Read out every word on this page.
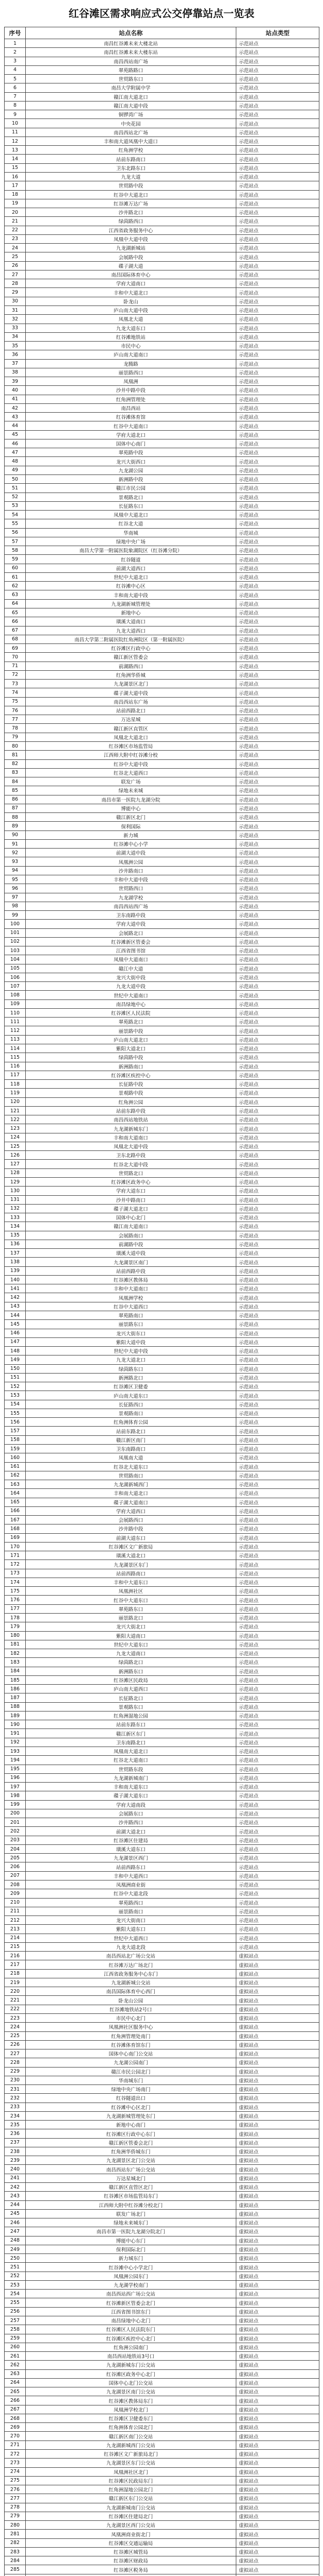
红谷滩区需求响应式公交停靠站点一览表
序号	站点名称	站点类型
1	南昌红谷滩未来大楼北站	示范站点
2	南昌红谷滩未来大楼东站	示范站点
3	南昌西站南广场	示范站点
4	翠苑路路口	示范站点
5	世贸路东口	示范站点
6	南昌大学附属中学	示范站点
7	赣江南大道北口	示范站点
8	赣江南大道中段	示范站点
9	铜锣湾广场	示范站点
10	中央花园	示范站点
11	南昌西站北广场	示范站点
12	丰和南大道凤凰中大道口	示范站点
13	红角洲学校	示范站点
14	站前东路南口	示范站点
15	卫东北路东口	示范站点
16	九龙大道	示范站点
17	世贸路中段	示范站点
18	红谷中大道北口	示范站点
19	红谷滩万达广场	示范站点
20	沙井路北口	示范站点
21	绿茵路西口	示范站点
22	江西省政务服务中心	示范站点
23	凤凰中大道中段	示范站点
24	九龙湖新城站	示范站点
25	会展路中段	示范站点
26	碟子湖大道	示范站点
27	南昌国际体育中心	示范站点
28	学府大道南口	示范站点
29	丰和中大道北口	示范站点
30	卧龙山	示范站点
31	庐山南大道中段	示范站点
32	凤凰北大道	示范站点
33	九龙大道东口	示范站点
34	红谷滩地铁站	示范站点
35	市民中心	示范站点
36	庐山南大道南口	示范站点
37	龙腾路	示范站点
38	丽景路西口	示范站点
39	凤凰洲	示范站点
40	沙井中路中段	示范站点
41	红角洲管理处	示范站点
42	南昌西站	示范站点
43	红谷滩体育馆	示范站点
44	红谷中大道南口	示范站点
45	学府大道北口	示范站点
46	国体中心南门	示范站点
47	翠苑路中段	示范站点
48	龙兴大街西口	示范站点
49	九龙湖公园	示范站点
50	新洲路中段	示范站点
51	赣江市民公园	示范站点
52	景观路北口	示范站点
53	长征路东口	示范站点
54	凤凰中大道北口	示范站点
55	红谷北大道	示范站点
56	华南城	示范站点
57	绿地中央广场	示范站点
58	南昌大学第一附属医院象湖院区（红谷滩分院）	示范站点
59	红谷隧道	示范站点
60	前湖大道西口	示范站点
61	世纪中大道北口	示范站点
62	红谷滩中心区	示范站点
63	丰和南大道中段	示范站点
64	九龙湖新城管理处	示范站点
65	新地中心	示范站点
66	璜溪大道南口	示范站点
67	九龙大道西口	示范站点
68	南昌大学第二附属医院红角洲院区（第一附属医院）	示范站点
69	红谷滩区行政中心	示范站点
70	赣江新区管委会	示范站点
71	前湖路西口	示范站点
72	红角洲华侨城	示范站点
73	九龙湖景区北门	示范站点
74	碟子湖大道中段	示范站点
75	南昌西站东广场	示范站点
76	站前西路北口	示范站点
77	万达星城	示范站点
78	赣江新区直管区	示范站点
79	凤凰北大道北口	示范站点
80	红谷滩区市场监管局	示范站点
81	江西师大附中红谷滩分校	示范站点
82	红谷中大道中段	示范站点
83	红谷北大道西口	示范站点
84	联发广场	示范站点
85	绿地未来城	示范站点
86	南昌市第一医院九龙湖分院	示范站点
87	博能中心	示范站点
88	赣江新区北门	示范站点
89	保利国际	示范站点
90	新力城	示范站点
91	红谷滩中心小学	示范站点
92	前湖大道中段	示范站点
93	凤凰洲公园	示范站点
94	沙井路南口	示范站点
95	丰和中大道中段	示范站点
96	世贸路西口	示范站点
97	九龙湖学校	示范站点
98	南昌西站西广场	示范站点
99	卫东南路中段	示范站点
100	学府大道中段	示范站点
101	会展路北口	示范站点
102	红谷滩新区管委会	示范站点
103	江西省图书馆	示范站点
104	凤凰中大道南口	示范站点
105	赣江中大道	示范站点
106	龙兴大街中段	示范站点
107	九龙大道中段	示范站点
108	世纪中大道南口	示范站点
109	南昌绿地中心	示范站点
110	红谷滩区人民法院	示范站点
111	翠苑路北口	示范站点
112	丽景路中段	示范站点
113	庐山南大道北口	示范站点
114	紫阳大道北口	示范站点
115	绿茵路中段	示范站点
116	新洲路南口	示范站点
117	红谷滩区疾控中心	示范站点
118	长征路中段	示范站点
119	景观路中段	示范站点
120	红角洲公园	示范站点
121	站前东路中段	示范站点
122	南昌西站地铁站	示范站点
123	九龙湖新城东门	示范站点
124	丰和南大道南口	示范站点
125	凤凰北大道中段	示范站点
126	卫东北路中段	示范站点
127	红谷北大道中段	示范站点
128	世贸路北口	示范站点
129	红谷滩区政务中心	示范站点
130	学府大道东口	示范站点
131	沙井中路南口	示范站点
132	碟子湖大道北口	示范站点
133	国体中心北门	示范站点
134	赣江南大道南口	示范站点
135	会展路南口	示范站点
136	前湖路中段	示范站点
137	璜溪大道中段	示范站点
138	九龙湖景区南门	示范站点
139	站前西路中段	示范站点
140	红谷滩区教体局	示范站点
141	丰和中大道南口	示范站点
142	凤凰洲学校	示范站点
143	红谷中大道西口	示范站点
144	翠苑路南口	示范站点
145	丽景路东口	示范站点
146	龙兴大街东口	示范站点
147	紫阳大道中段	示范站点
148	世纪中大道中段	示范站点
149	九龙大道北口	示范站点
150	绿茵路东口	示范站点
151	新洲路北口	示范站点
152	红谷滩区卫健委	示范站点
153	庐山南大道东口	示范站点
154	长征路西口	示范站点
155	景观路南口	示范站点
156	红角洲体育公园	示范站点
157	站前东路北口	示范站点
158	赣江新区南门	示范站点
159	卫东南路南口	示范站点
160	凤凰南大道	示范站点
161	红谷北大道东口	示范站点
162	世贸路南口	示范站点
163	九龙湖新城西门	示范站点
164	丰和南大道北口	示范站点
165	碟子湖大道南口	示范站点
166	学府大道西口	示范站点
167	会展路西口	示范站点
168	沙井路中段	示范站点
169	前湖大道东口	示范站点
170	红谷滩区文广新旅局	示范站点
171	璜溪大道北口	示范站点
172	九龙湖景区东门	示范站点
173	站前西路南口	示范站点
174	丰和中大道东口	示范站点
175	凤凰洲社区	示范站点
176	红谷中大道东口	示范站点
177	翠苑路东口	示范站点
178	丽景路北口	示范站点
179	龙兴大街北口	示范站点
180	紫阳大道南口	示范站点
181	世纪中大道东口	示范站点
182	九龙大道南口	示范站点
183	绿茵路北口	示范站点
184	新洲路东口	示范站点
185	红谷滩区民政局	示范站点
186	庐山南大道西口	示范站点
187	长征路北口	示范站点
188	景观路东口	示范站点
189	红角洲湿地公园	示范站点
190	站前东路东口	示范站点
191	赣江新区东门	示范站点
192	卫东南路北口	示范站点
193	凤凰南大道北口	示范站点
194	红谷北大道南口	示范站点
195	世贸路东段	示范站点
196	九龙湖新城南门	示范站点
197	丰和南大道东口	示范站点
198	碟子湖大道东口	示范站点
199	学府大道南段	示范站点
200	会展路东口	示范站点
201	沙井路西口	示范站点
202	前湖大道北口	示范站点
203	红谷滩区住建局	示范站点
204	璜溪大道东口	示范站点
205	九龙湖景区西门	示范站点
206	站前西路东口	示范站点
207	丰和中大道西口	示范站点
208	凤凰洲商业街	示范站点
209	红谷中大道北段	示范站点
210	翠苑路西口	示范站点
211	丽景路南口	示范站点
212	龙兴大街南口	示范站点
213	紫阳大道东口	示范站点
214	世纪中大道西口	示范站点
215	九龙大道北段	示范站点
216	南昌西站北广场公交站	虚拟站点
217	红谷滩万达广场北门	虚拟站点
218	江西省政务服务中心东门	虚拟站点
219	九龙湖新城公交站	虚拟站点
220	南昌国际体育中心西门	虚拟站点
221	卧龙山公园	虚拟站点
222	红谷滩地铁站2号口	虚拟站点
223	市民中心北门	虚拟站点
224	凤凰洲社区服务中心	虚拟站点
225	红角洲管理处南门	虚拟站点
226	红谷滩体育馆东门	虚拟站点
227	国体中心南门公交站	虚拟站点
228	九龙湖公园南门	虚拟站点
229	赣江市民公园北门	虚拟站点
230	华南城东门	虚拟站点
231	绿地中央广场南门	虚拟站点
232	红谷隧道出口	虚拟站点
233	红谷滩中心区北门	虚拟站点
234	九龙湖新城管理处东门	虚拟站点
235	新地中心南门	虚拟站点
236	红谷滩区行政中心东门	虚拟站点
237	赣江新区管委会北门	虚拟站点
238	红角洲华侨城东门	虚拟站点
239	九龙湖景区北门公交站	虚拟站点
240	南昌西站东广场公交站	虚拟站点
241	万达星城北门	虚拟站点
242	赣江新区直管区北门	虚拟站点
243	红谷滩区市场监管局东门	虚拟站点
244	江西师大附中红谷滩分校北门	虚拟站点
245	联发广场北门	虚拟站点
246	绿地未来城东门	虚拟站点
247	南昌市第一医院九龙湖分院北门	虚拟站点
248	博能中心东门	虚拟站点
249	保利国际北门	虚拟站点
250	新力城东门	虚拟站点
251	红谷滩中心小学北门	虚拟站点
252	凤凰洲公园东门	虚拟站点
253	九龙湖学校南门	虚拟站点
254	南昌西站西广场公交站	虚拟站点
255	红谷滩新区管委会北门	虚拟站点
256	江西省图书馆东门	虚拟站点
257	南昌绿地中心北门	虚拟站点
258	红谷滩区人民法院东门	虚拟站点
259	红谷滩区疾控中心北门	虚拟站点
260	红角洲公园南门	虚拟站点
261	南昌西站地铁站3号口	虚拟站点
262	九龙湖新城东门公交站	虚拟站点
263	红谷滩区政务中心北门	虚拟站点
264	国体中心北门公交站	虚拟站点
265	九龙湖景区南门公交站	虚拟站点
266	红谷滩区教体局东门	虚拟站点
267	凤凰洲学校北门	虚拟站点
268	红谷滩区卫健委东门	虚拟站点
269	红角洲体育公园北门	虚拟站点
270	赣江新区南门公交站	虚拟站点
271	九龙湖新城西门公交站	虚拟站点
272	红谷滩区文广新旅局北门	虚拟站点
273	九龙湖景区东门公交站	虚拟站点
274	凤凰洲社区北门	虚拟站点
275	红谷滩区民政局东门	虚拟站点
276	红角洲湿地公园北门	虚拟站点
277	赣江新区东门公交站	虚拟站点
278	九龙湖新城南门公交站	虚拟站点
279	红谷滩区住建局北门	虚拟站点
280	九龙湖景区西门公交站	虚拟站点
281	凤凰洲商业街北门	虚拟站点
282	红谷滩区交通运输局	虚拟站点
283	红谷滩区城管局	虚拟站点
284	红谷滩区财政局	虚拟站点
285	红谷滩区税务局	虚拟站点
